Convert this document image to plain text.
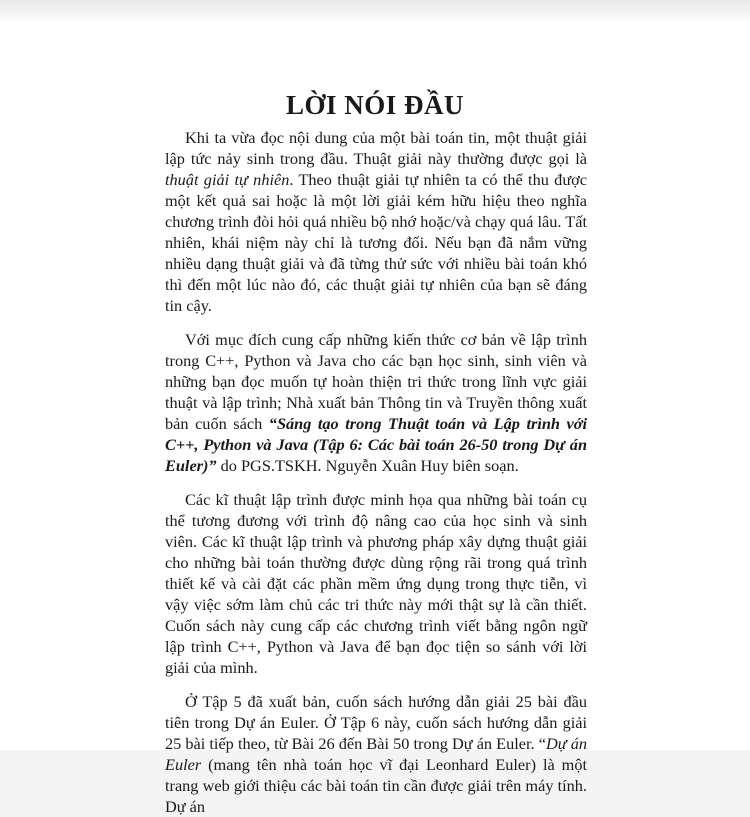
LỜI NÓI ĐẦU

Khi ta vừa đọc nội dung của một bài toán tin, một thuật giải lập tức nảy sinh trong đầu. Thuật giải này thường được gọi là thuật giải tự nhiên. Theo thuật giải tự nhiên ta có thể thu được một kết quả sai hoặc là một lời giải kém hữu hiệu theo nghĩa chương trình đòi hỏi quá nhiều bộ nhớ hoặc/và chạy quá lâu. Tất nhiên, khái niệm này chỉ là tương đối. Nếu bạn đã nắm vững nhiều dạng thuật giải và đã từng thử sức với nhiều bài toán khó thì đến một lúc nào đó, các thuật giải tự nhiên của bạn sẽ đáng tin cậy.

Với mục đích cung cấp những kiến thức cơ bản về lập trình trong C++, Python và Java cho các bạn học sinh, sinh viên và những bạn đọc muốn tự hoàn thiện tri thức trong lĩnh vực giải thuật và lập trình; Nhà xuất bản Thông tin và Truyền thông xuất bản cuốn sách “Sáng tạo trong Thuật toán và Lập trình với C++, Python và Java (Tập 6: Các bài toán 26-50 trong Dự án Euler)” do PGS.TSKH. Nguyễn Xuân Huy biên soạn.

Các kĩ thuật lập trình được minh họa qua những bài toán cụ thể tương đương với trình độ nâng cao của học sinh và sinh viên. Các kĩ thuật lập trình và phương pháp xây dựng thuật giải cho những bài toán thường được dùng rộng rãi trong quá trình thiết kế và cài đặt các phần mềm ứng dụng trong thực tiễn, vì vậy việc sớm làm chủ các tri thức này mới thật sự là cần thiết. Cuốn sách này cung cấp các chương trình viết bằng ngôn ngữ lập trình C++, Python và Java để bạn đọc tiện so sánh với lời giải của mình.

Ở Tập 5 đã xuất bản, cuốn sách hướng dẫn giải 25 bài đầu tiên trong Dự án Euler. Ở Tập 6 này, cuốn sách hướng dẫn giải 25 bài tiếp theo, từ Bài 26 đến Bài 50 trong Dự án Euler. “Dự án Euler (mang tên nhà toán học vĩ đại Leonhard Euler) là một trang web giới thiệu các bài toán tin cần được giải trên máy tính. Dự án
